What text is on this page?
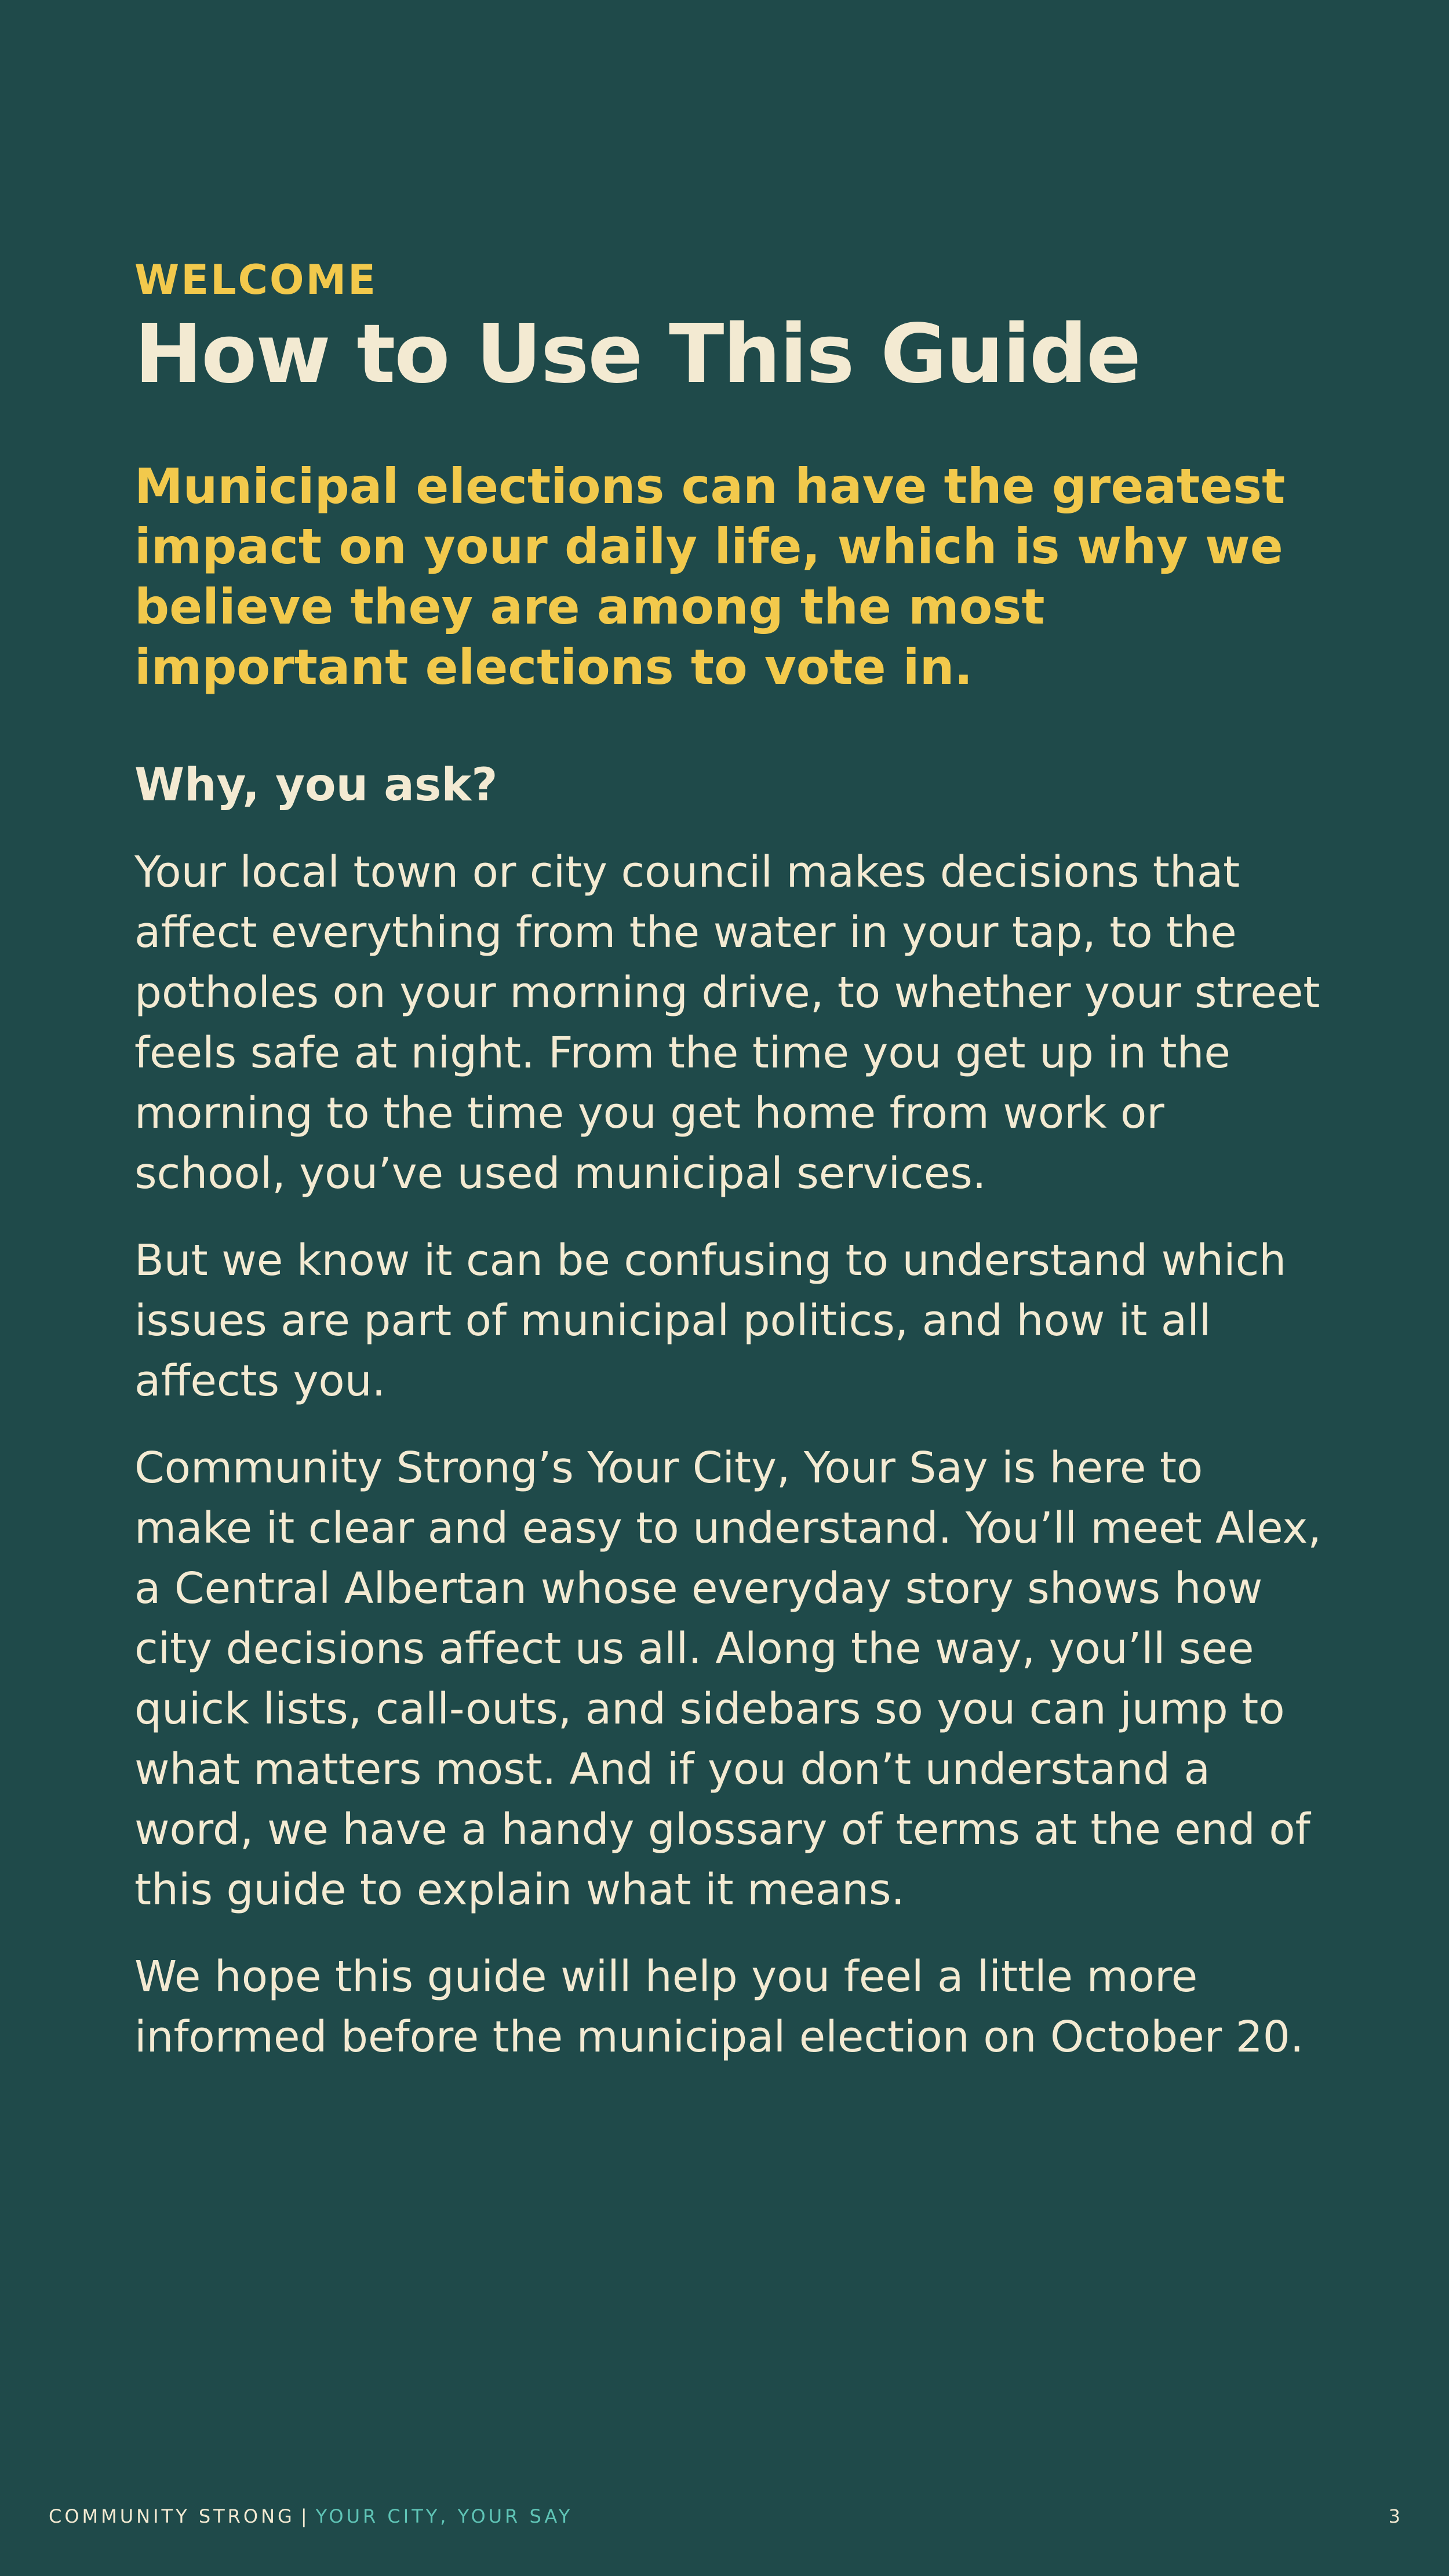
WELCOME

How to Use This Guide

Municipal elections can have the greatest impact on your daily life, which is why we believe they are among the most important elections to vote in.

Why, you ask?

Your local town or city council makes decisions that affect everything from the water in your tap, to the potholes on your morning drive, to whether your street feels safe at night. From the time you get up in the morning to the time you get home from work or school, you’ve used municipal services.

But we know it can be confusing to understand which issues are part of municipal politics, and how it all affects you.

Community Strong’s Your City, Your Say is here to make it clear and easy to understand. You’ll meet Alex, a Central Albertan whose everyday story shows how city decisions affect us all. Along the way, you’ll see quick lists, call-outs, and sidebars so you can jump to what matters most. And if you don’t understand a word, we have a handy glossary of terms at the end of this guide to explain what it means.

We hope this guide will help you feel a little more informed before the municipal election on October 20.

COMMUNITY STRONG | YOUR CITY, YOUR SAY	3
